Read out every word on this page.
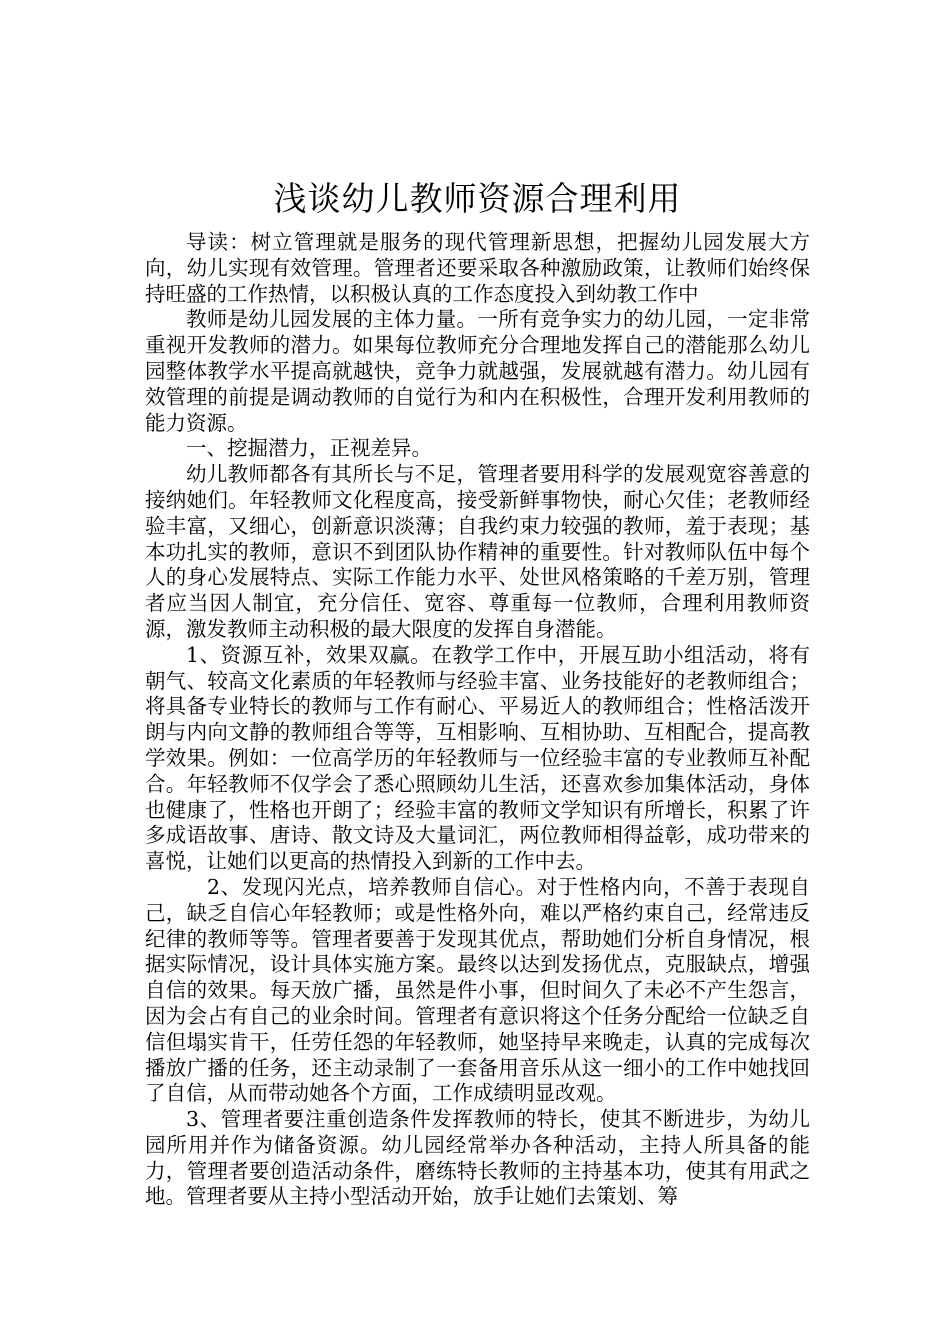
浅谈幼儿教师资源合理利用

导读：树立管理就是服务的现代管理新思想，把握幼儿园发展大方向，幼儿实现有效管理。管理者还要采取各种激励政策，让教师们始终保持旺盛的工作热情，以积极认真的工作态度投入到幼教工作中

教师是幼儿园发展的主体力量。一所有竞争实力的幼儿园，一定非常重视开发教师的潜力。如果每位教师充分合理地发挥自己的潜能那么幼儿园整体教学水平提高就越快，竞争力就越强，发展就越有潜力。幼儿园有效管理的前提是调动教师的自觉行为和内在积极性，合理开发利用教师的能力资源。

一、挖掘潜力，正视差异。

幼儿教师都各有其所长与不足，管理者要用科学的发展观宽容善意的接纳她们。年轻教师文化程度高，接受新鲜事物快，耐心欠佳；老教师经验丰富，又细心，创新意识淡薄；自我约束力较强的教师，羞于表现；基本功扎实的教师，意识不到团队协作精神的重要性。针对教师队伍中每个人的身心发展特点、实际工作能力水平、处世风格策略的千差万别，管理者应当因人制宜，充分信任、宽容、尊重每一位教师，合理利用教师资源，激发教师主动积极的最大限度的发挥自身潜能。

1、资源互补，效果双赢。在教学工作中，开展互助小组活动，将有朝气、较高文化素质的年轻教师与经验丰富、业务技能好的老教师组合；将具备专业特长的教师与工作有耐心、平易近人的教师组合；性格活泼开朗与内向文静的教师组合等等，互相影响、互相协助、互相配合，提高教学效果。例如：一位高学历的年轻教师与一位经验丰富的专业教师互补配合。年轻教师不仅学会了悉心照顾幼儿生活，还喜欢参加集体活动，身体也健康了，性格也开朗了；经验丰富的教师文学知识有所增长，积累了许多成语故事、唐诗、散文诗及大量词汇，两位教师相得益彰，成功带来的喜悦，让她们以更高的热情投入到新的工作中去。

2、发现闪光点，培养教师自信心。对于性格内向，不善于表现自己，缺乏自信心年轻教师；或是性格外向，难以严格约束自己，经常违反纪律的教师等等。管理者要善于发现其优点，帮助她们分析自身情况，根据实际情况，设计具体实施方案。最终以达到发扬优点，克服缺点，增强自信的效果。每天放广播，虽然是件小事，但时间久了未必不产生怨言，因为会占有自己的业余时间。管理者有意识将这个任务分配给一位缺乏自信但塌实肯干，任劳任怨的年轻教师，她坚持早来晚走，认真的完成每次播放广播的任务，还主动录制了一套备用音乐从这一细小的工作中她找回了自信，从而带动她各个方面，工作成绩明显改观。

3、管理者要注重创造条件发挥教师的特长，使其不断进步，为幼儿园所用并作为储备资源。幼儿园经常举办各种活动，主持人所具备的能力，管理者要创造活动条件，磨练特长教师的主持基本功，使其有用武之地。管理者要从主持小型活动开始，放手让她们去策划、筹
